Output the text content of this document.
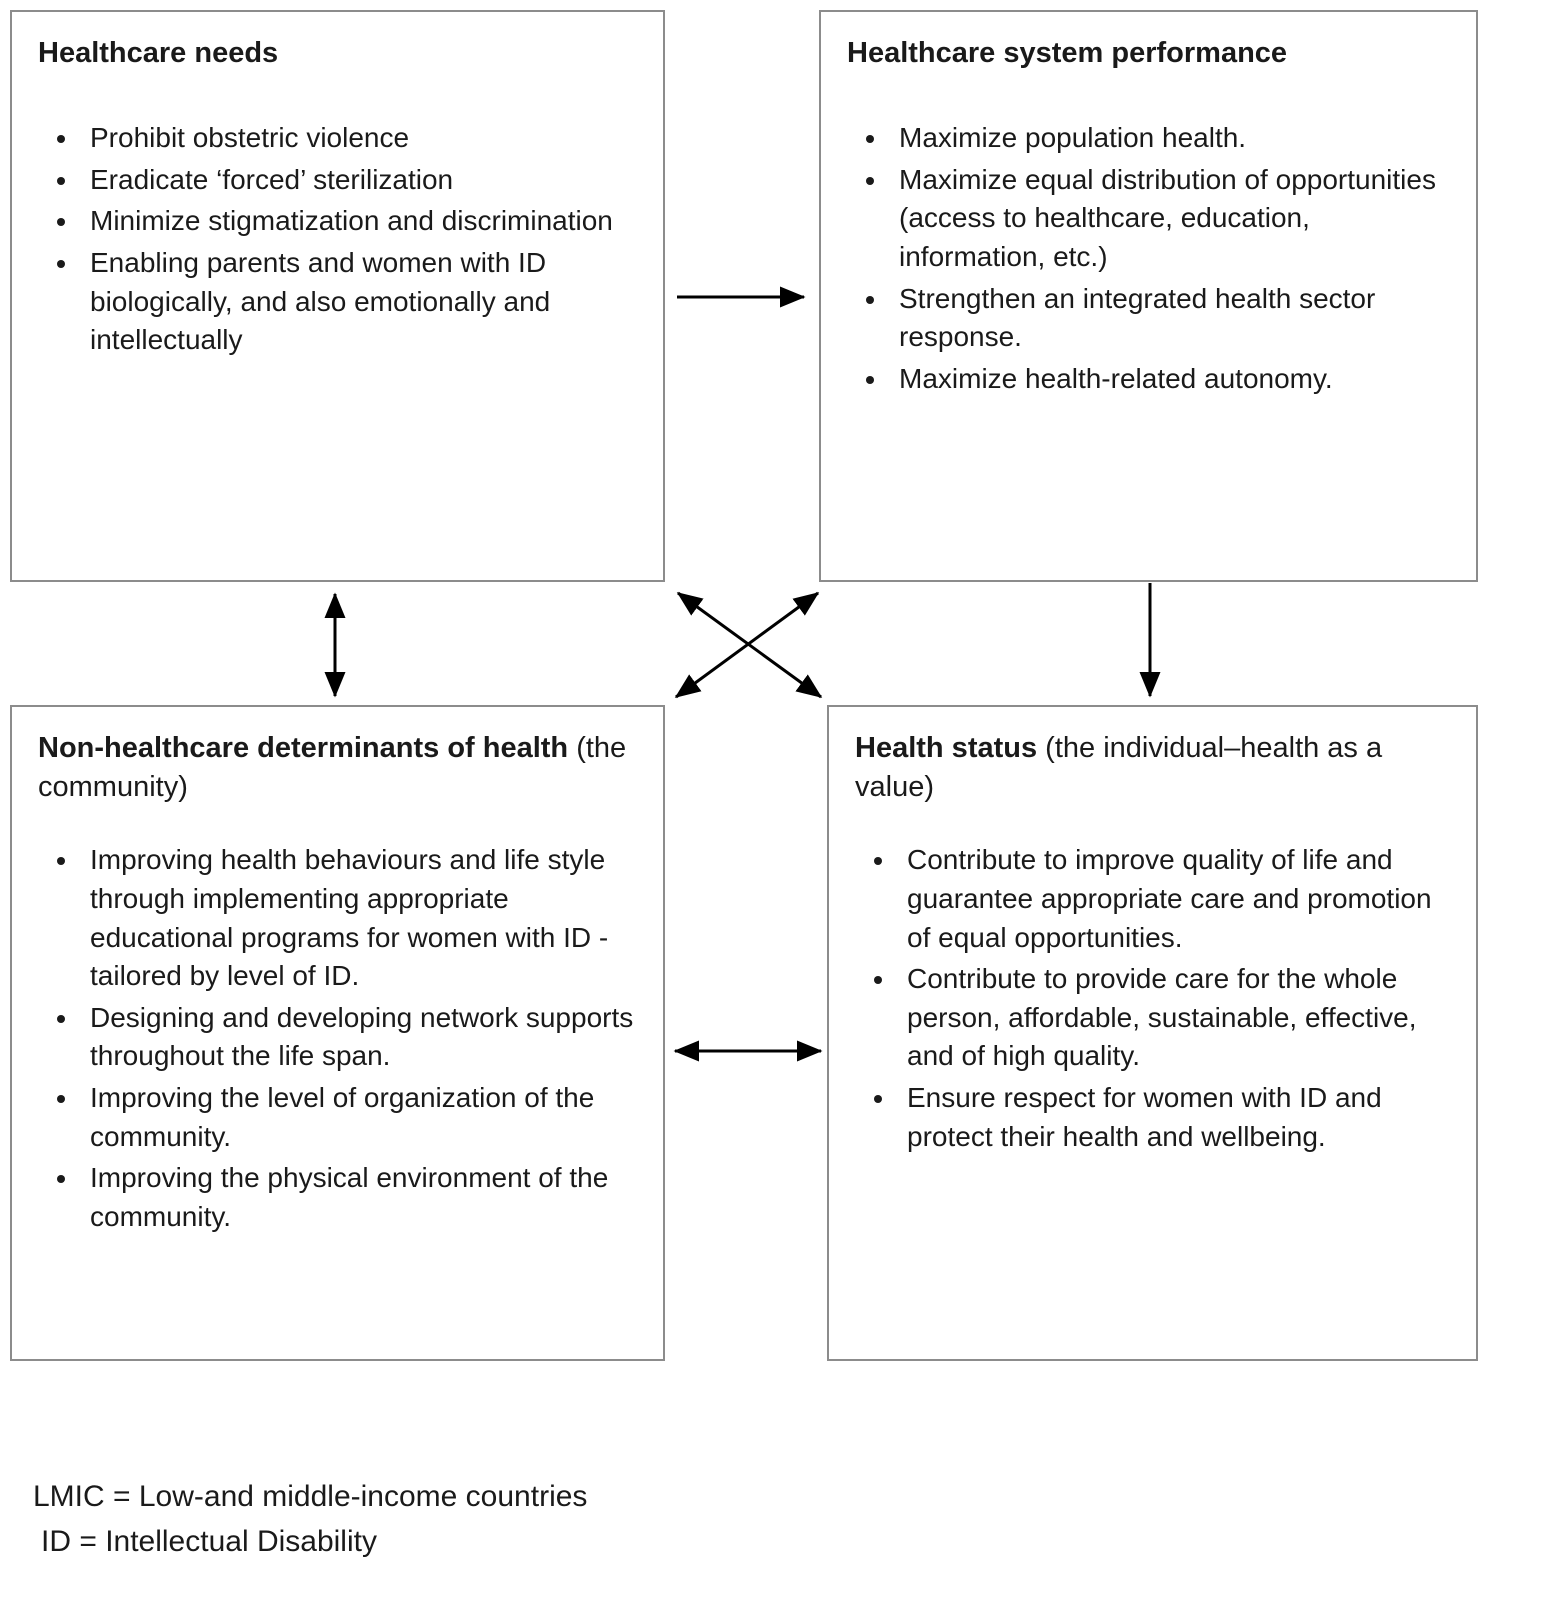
Healthcare needs
• Prohibit obstetric violence
• Eradicate ‘forced’ sterilization
• Minimize stigmatization and discrimination
• Enabling parents and women with ID biologically, and also emotionally and intellectually
Healthcare system performance
• Maximize population health.
• Maximize equal distribution of opportunities (access to healthcare, education, information, etc.)
• Strengthen an integrated health sector response.
• Maximize health-related autonomy.
Non-healthcare determinants of health (the community)
• Improving health behaviours and life style through implementing appropriate educational programs for women with ID -tailored by level of ID.
• Designing and developing network supports throughout the life span.
• Improving the level of organization of the community.
• Improving the physical environment of the community.
Health status (the individual–health as a value)
• Contribute to improve quality of life and guarantee appropriate care and promotion of equal opportunities.
• Contribute to provide care for the whole person, affordable, sustainable, effective, and of high quality.
• Ensure respect for women with ID and protect their health and wellbeing.
LMIC = Low-and middle-income countries
ID = Intellectual Disability
